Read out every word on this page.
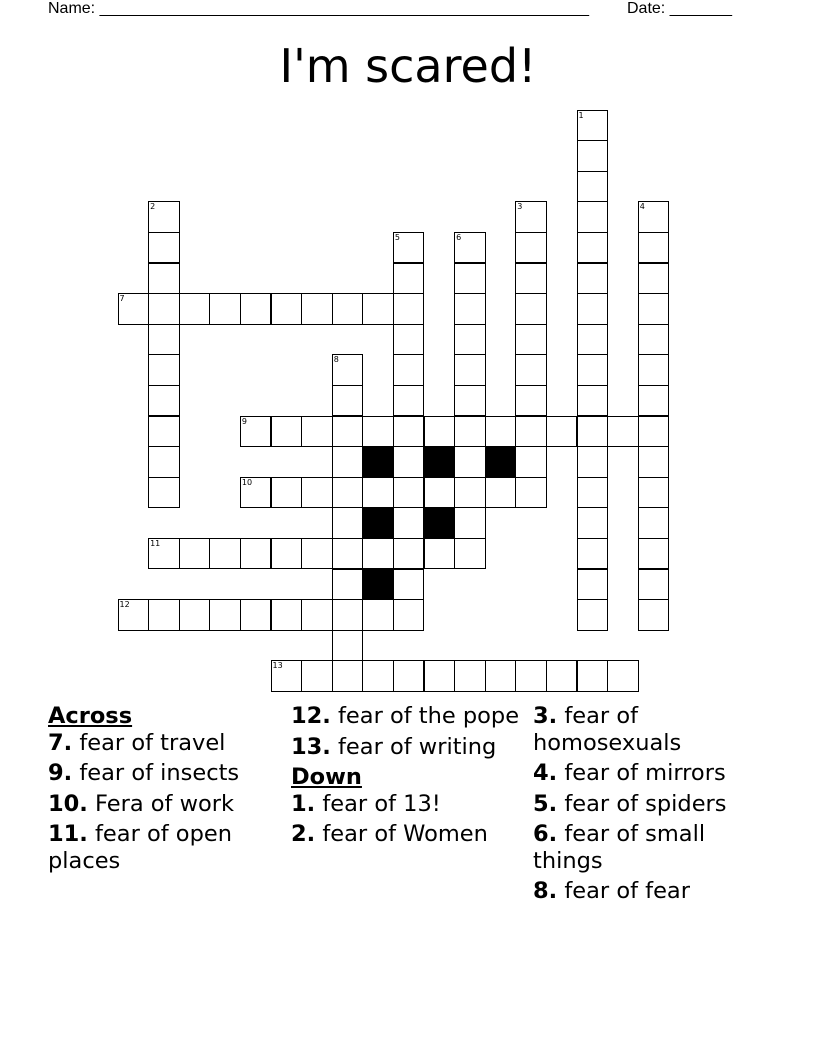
Name: _______________________________________________________ Date: _______
I'm scared!
7
9
10
11
12
13
1
2	3	4
5	6
8

Across

7. fear of travel

9. fear of insects

10. Fera of work

11. fear of open places

12. fear of the pope

13. fear of writing

Down

1. fear of 13!

2. fear of Women

3. fear of homosexuals

4. fear of mirrors

5. fear of spiders

6. fear of small things

8. fear of fear
